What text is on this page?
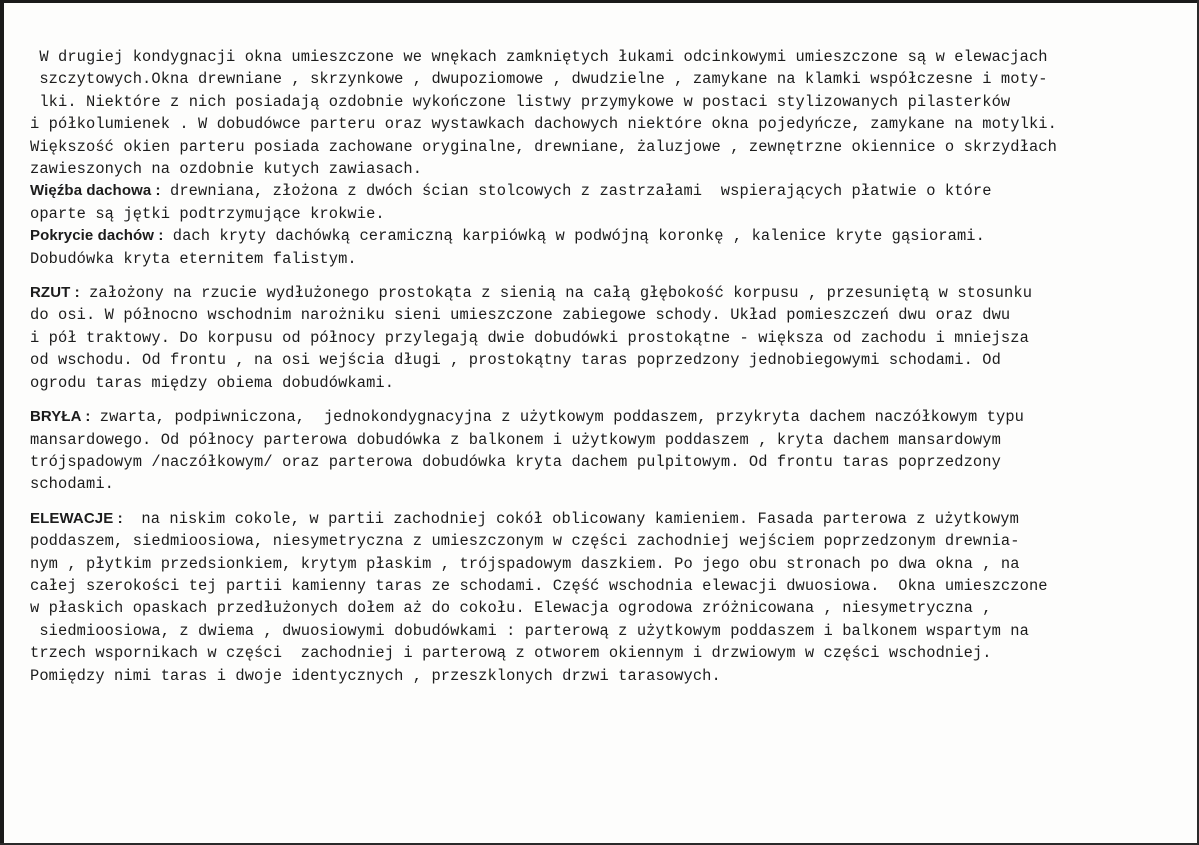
W drugiej kondygnacji okna umieszczone we wnękach zamkniętych łukami odcinkowymi umieszczone są w elewacjach
szczytowych.Okna drewniane , skrzynkowe , dwupoziomowe , dwudzielne , zamykane na klamki współczesne i moty-
lki. Niektóre z nich posiadają ozdobnie wykończone listwy przymykowe w postaci stylizowanych pilasterków
i półkolumienek . W dobudówce parteru oraz wystawkach dachowych niektóre okna pojedyńcze, zamykane na motylki.
Większość okien parteru posiada zachowane oryginalne, drewniane, żaluzjowe , zewnętrzne okiennice o skrzydłach
zawieszonych na ozdobnie kutych zawiasach.
Więźba dachowa : drewniana, złożona z dwóch ścian stolcowych z zastrzałami  wspierających płatwie o które
oparte są jętki podtrzymujące krokwie.
Pokrycie dachów : dach kryty dachówką ceramiczną karpiówką w podwójną koronkę , kalenice kryte gąsiorami.
Dobudówka kryta eternitem falistym.
RZUT : założony na rzucie wydłużonego prostokąta z sienią na całą głębokość korpusu , przesuniętą w stosunku
do osi. W północno wschodnim narożniku sieni umieszczone zabiegowe schody. Układ pomieszczeń dwu oraz dwu
i pół traktowy. Do korpusu od północy przylegają dwie dobudówki prostokątne - większa od zachodu i mniejsza
od wschodu. Od frontu , na osi wejścia długi , prostokątny taras poprzedzony jednobiegowymi schodami. Od
ogrodu taras między obiema dobudówkami.
BRYŁA : zwarta, podpiwniczona,  jednokondygnacyjna z użytkowym poddaszem, przykryta dachem naczółkowym typu
mansardowego. Od północy parterowa dobudówka z balkonem i użytkowym poddaszem , kryta dachem mansardowym
trójspadowym /naczółkowym/ oraz parterowa dobudówka kryta dachem pulpitowym. Od frontu taras poprzedzony
schodami.
ELEWACJE :  na niskim cokole, w partii zachodniej cokół oblicowany kamieniem. Fasada parterowa z użytkowym
poddaszem, siedmioosiowa, niesymetryczna z umieszczonym w części zachodniej wejściem poprzedzonym drewnia-
nym , płytkim przedsionkiem, krytym płaskim , trójspadowym daszkiem. Po jego obu stronach po dwa okna , na
całej szerokości tej partii kamienny taras ze schodami. Część wschodnia elewacji dwuosiowa.  Okna umieszczone
w płaskich opaskach przedłużonych dołem aż do cokołu. Elewacja ogrodowa zróżnicowana , niesymetryczna ,
siedmioosiowa, z dwiema , dwuosiowymi dobudówkami : parterową z użytkowym poddaszem i balkonem wspartym na
trzech wspornikach w części  zachodniej i parterową z otworem okiennym i drzwiowym w części wschodniej.
Pomiędzy nimi taras i dwoje identycznych , przeszklonych drzwi tarasowych.
